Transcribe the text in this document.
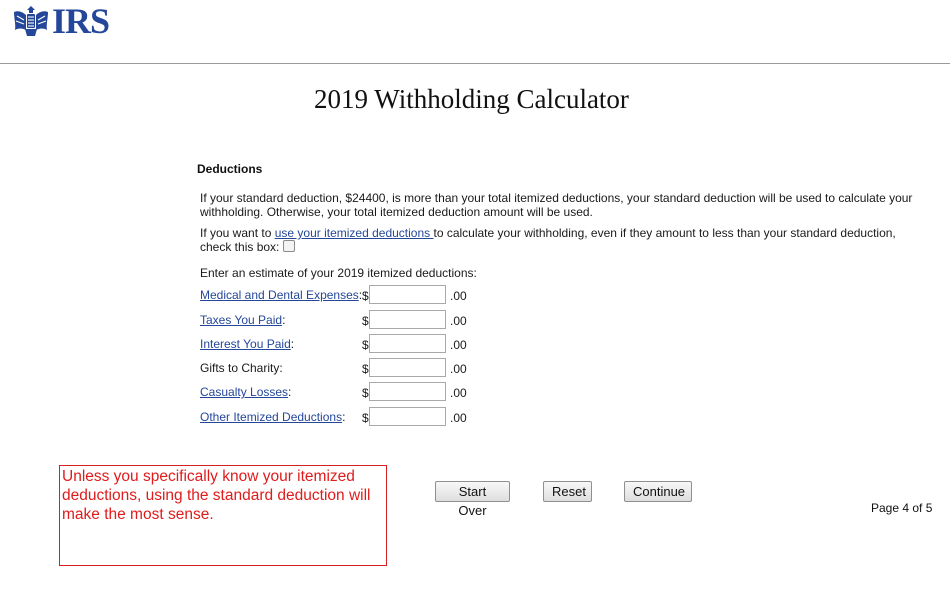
IRS
2019 Withholding Calculator
Deductions
If your standard deduction, $24400, is more than your total itemized deductions, your standard deduction will be used to calculate your withholding. Otherwise, your total itemized deduction amount will be used.
If you want to use your itemized deductions to calculate your withholding, even if they amount to less than your standard deduction, check this box:
Enter an estimate of your 2019 itemized deductions:
Medical and Dental Expenses: $	.00
Taxes You Paid:	$	.00
Interest You Paid:	$	.00
Gifts to Charity:	$	.00
Casualty Losses:	$	.00
Other Itemized Deductions: $	.00
Unless you specifically know your itemized deductions, using the standard deduction will make the most sense.
Start Over
Reset	Continue
Page 4 of 5
